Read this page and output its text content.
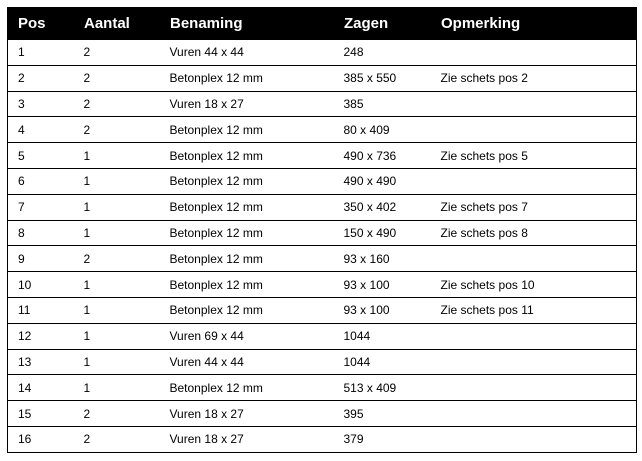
Pos	Aantal	Benaming	Zagen	Opmerking
1	2	Vuren 44 x 44	248	
2	2	Betonplex 12 mm	385 x 550	Zie schets pos 2
3	2	Vuren 18 x 27	385	
4	2	Betonplex 12 mm	80 x 409	
5	1	Betonplex 12 mm	490 x 736	Zie schets pos 5
6	1	Betonplex 12 mm	490 x 490	
7	1	Betonplex 12 mm	350 x 402	Zie schets pos 7
8	1	Betonplex 12 mm	150 x 490	Zie schets pos 8
9	2	Betonplex 12 mm	93 x 160	
10	1	Betonplex 12 mm	93 x 100	Zie schets pos 10
11	1	Betonplex 12 mm	93 x 100	Zie schets pos 11
12	1	Vuren 69 x 44	1044	
13	1	Vuren 44 x 44	1044	
14	1	Betonplex 12 mm	513 x 409	
15	2	Vuren 18 x 27	395	
16	2	Vuren 18 x 27	379	
